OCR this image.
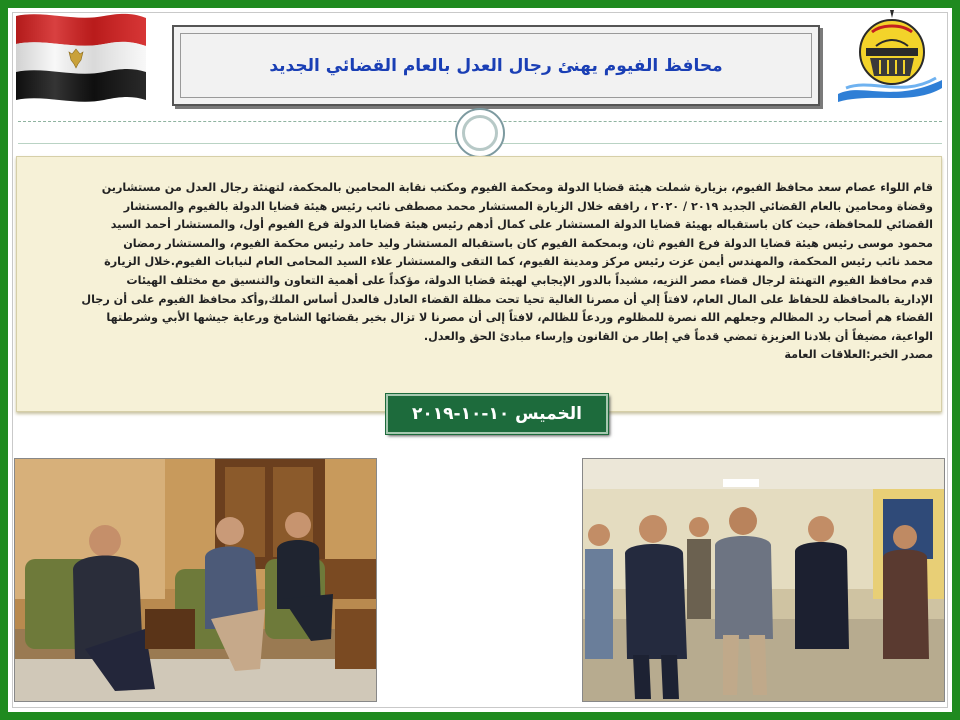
محافظ الفيوم يهنئ رجال العدل بالعام القضائي الجديد
قام اللواء عصام سعد محافظ الفيوم، بزيارة شملت هيئة قضايا الدولة ومحكمة الفيوم ومكتب نقابة المحامين بالمحكمة، لتهنئة رجال العدل من مستشارين
وقضاة ومحامين بالعام القضائي الجديد ٢٠١٩ / ٢٠٢٠ ، رافقه خلال الزيارة المستشار محمد مصطفى نائب رئيس هيئة قضايا الدولة بالفيوم والمستشار
القضائي للمحافظة، حيث كان باستقباله بهيئة قضايا الدولة المستشار على كمال أدهم رئيس هيئة قضايا الدولة فرع الفيوم أول، والمستشار أحمد السيد
محمود موسى رئيس هيئة قضايا الدولة فرع الفيوم ثان، وبمحكمة الفيوم كان باستقباله المستشار وليد حامد رئيس محكمة الفيوم، والمستشار رمضان
محمد نائب رئيس المحكمة، والمهندس أيمن عزت رئيس مركز ومدينة الفيوم، كما التقى والمستشار علاء السيد المحامى العام لنيابات الفيوم.خلال الزيارة
قدم محافظ الفيوم التهنئة لرجال قضاء مصر النزيه، مشيداً بالدور الإيجابي لهيئة قضايا الدولة، مؤكداً على أهمية التعاون والتنسيق مع مختلف الهيئات
الإدارية بالمحافظة للحفاظ على المال العام، لافتاً إلي أن مصرنا الغالية تحيا تحت مظلة القضاء العادل فالعدل أساس الملك,وأكد محافظ الفيوم على أن رجال
القضاء هم أصحاب رد المظالم وجعلهم الله نصرة للمظلوم وردعاً للظالم، لافتاً إلى أن مصرنا لا تزال بخير بقضائها الشامخ ورعاية جيشها الأبي وشرطتها
الواعية، مضيفاً أن بلادنا العزيزة تمضي قدماً في إطار من القانون وإرساء مبادئ الحق والعدل.
مصدر الخبر:العلاقات العامة
الخميس ١٠-١٠-٢٠١٩
